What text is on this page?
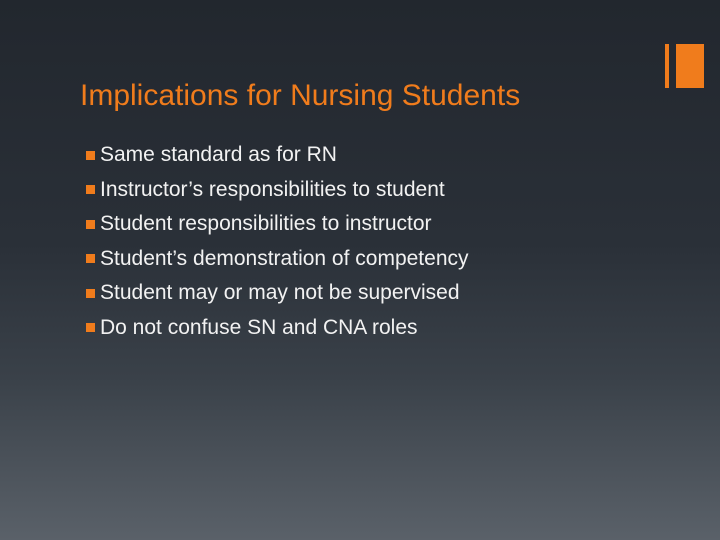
Implications for Nursing Students
Same standard as for RN
Instructor’s responsibilities to student
Student responsibilities to instructor
Student’s demonstration of competency
Student may or may not be supervised
Do not confuse SN and CNA roles
